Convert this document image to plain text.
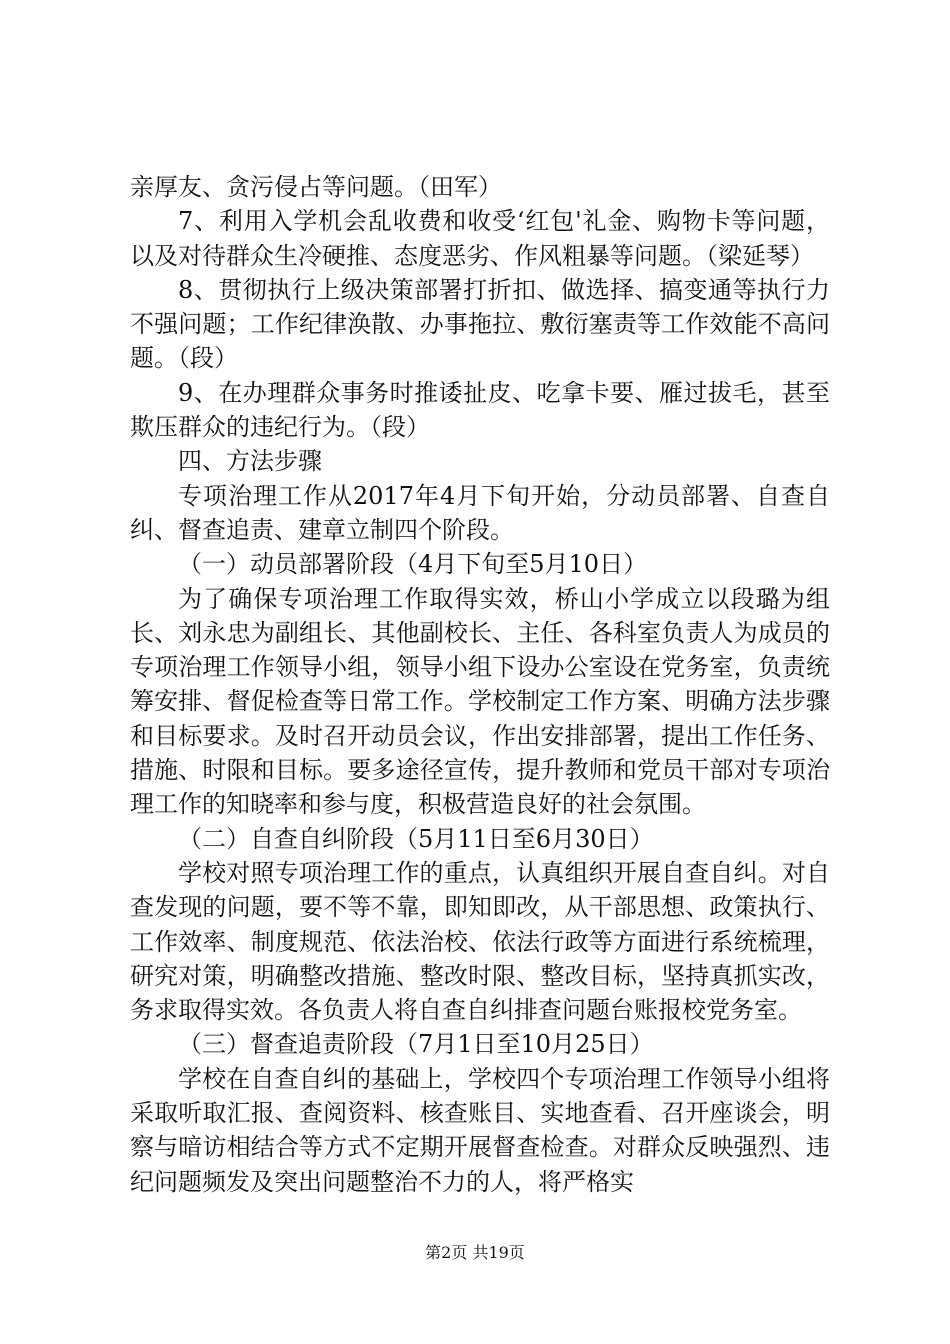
亲厚友、贪污侵占等问题。（田军）

7、利用入学机会乱收费和收受‘红包'礼金、购物卡等问题，以及对待群众生冷硬推、态度恶劣、作风粗暴等问题。（梁延琴）

8、贯彻执行上级决策部署打折扣、做选择、搞变通等执行力不强问题；工作纪律涣散、办事拖拉、敷衍塞责等工作效能不高问题。（段）

9、在办理群众事务时推诿扯皮、吃拿卡要、雁过拔毛，甚至欺压群众的违纪行为。（段）

四、方法步骤

专项治理工作从2017年4月下旬开始，分动员部署、自查自纠、督查追责、建章立制四个阶段。

（一）动员部署阶段（4月下旬至5月10日）

为了确保专项治理工作取得实效，桥山小学成立以段璐为组长、刘永忠为副组长、其他副校长、主任、各科室负责人为成员的专项治理工作领导小组，领导小组下设办公室设在党务室，负责统筹安排、督促检查等日常工作。学校制定工作方案、明确方法步骤和目标要求。及时召开动员会议，作出安排部署，提出工作任务、措施、时限和目标。要多途径宣传，提升教师和党员干部对专项治理工作的知晓率和参与度，积极营造良好的社会氛围。

（二）自查自纠阶段（5月11日至6月30日）

学校对照专项治理工作的重点，认真组织开展自查自纠。对自查发现的问题，要不等不靠，即知即改，从干部思想、政策执行、工作效率、制度规范、依法治校、依法行政等方面进行系统梳理，研究对策，明确整改措施、整改时限、整改目标，坚持真抓实改，务求取得实效。各负责人将自查自纠排查问题台账报校党务室。

（三）督查追责阶段（7月1日至10月25日）

学校在自查自纠的基础上，学校四个专项治理工作领导小组将采取听取汇报、查阅资料、核查账目、实地查看、召开座谈会，明察与暗访相结合等方式不定期开展督查检查。对群众反映强烈、违纪问题频发及突出问题整治不力的人，将严格实

第2页 共19页
